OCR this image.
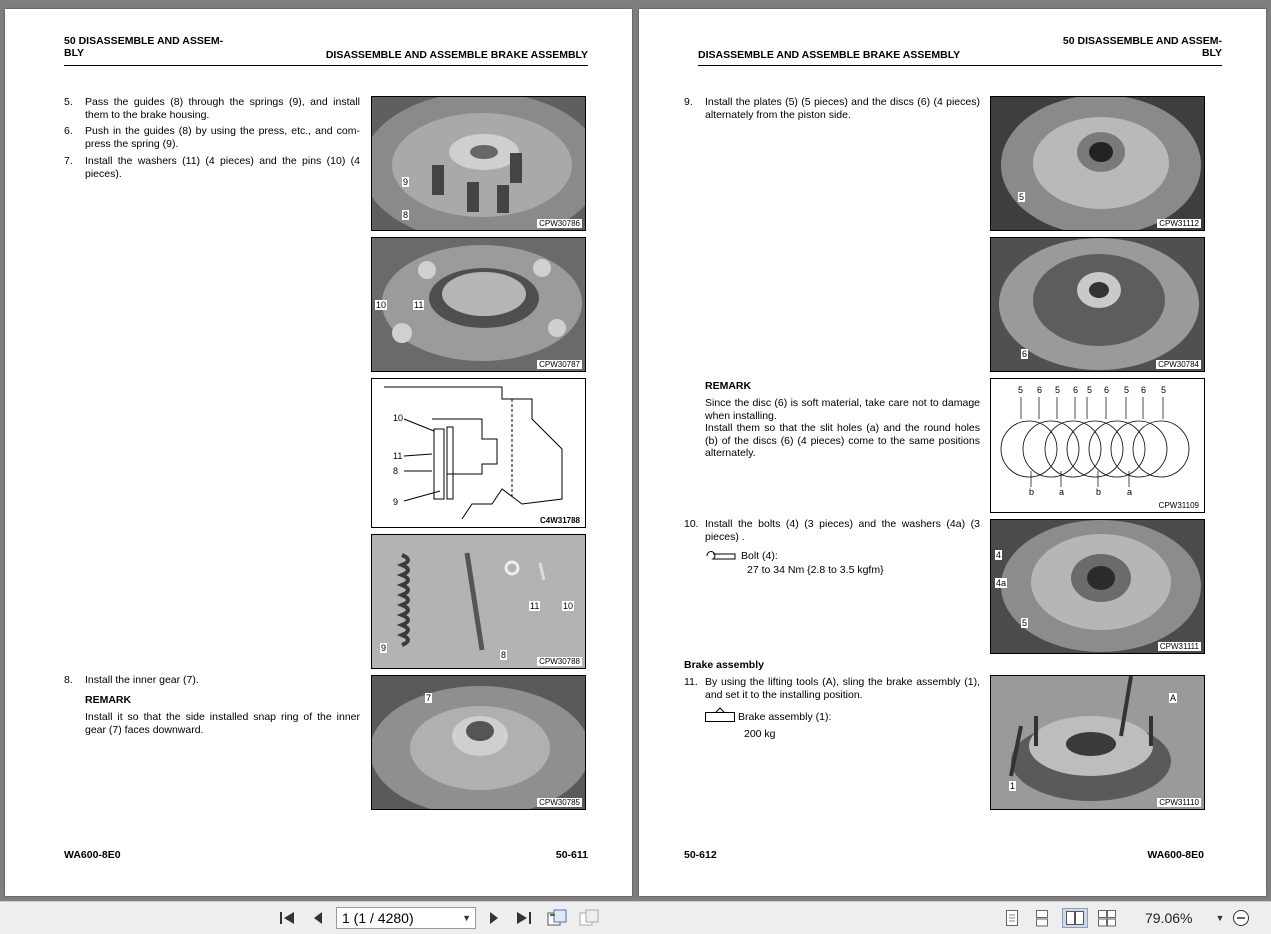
50 DISASSEMBLE AND ASSEM-
BLY	DISASSEMBLE AND ASSEMBLE BRAKE ASSEMBLY
5. Pass the guides (8) through the springs (9), and install them to the brake housing.
6. Push in the guides (8) by using the press, etc., and com-press the spring (9).
7. Install the washers (11) (4 pieces) and the pins (10) (4 pieces).
8. Install the inner gear (7).
REMARK
Install it so that the side installed snap ring of the inner gear (7) faces downward.
9
8
CPW30786
10	11
CPW30787
10
11
8
9
C4W31788
9
8
11	10
CPW30788
7
CPW30785
WA600-8E0	50-611
DISASSEMBLE AND ASSEMBLE BRAKE ASSEMBLY
50 DISASSEMBLE AND ASSEM-
BLY
9. Install the plates (5) (5 pieces) and the discs (6) (4 pieces) alternately from the piston side.
REMARK
Since the disc (6) is soft material, take care not to damage when installing.
Install them so that the slit holes (a) and the round holes (b) of the discs (6) (4 pieces) come to the same positions alternately.
10. Install the bolts (4) (3 pieces) and the washers (4a) (3 pieces) .
Bolt (4):
27 to 34 Nm {2.8 to 3.5 kgfm}
Brake assembly
11. By using the lifting tools (A), sling the brake assembly (1), and set it to the installing position.
Brake assembly (1):
200 kg
5
CPW31112
6
CPW30784
5 6 5 6 5 6 5 6 5
b	a	b	a
CPW31109
4
4a
5
CPW31111
A
1
CPW31110
50-612	WA600-8E0
1 (1 / 4280)	▼	79.06%	▼
